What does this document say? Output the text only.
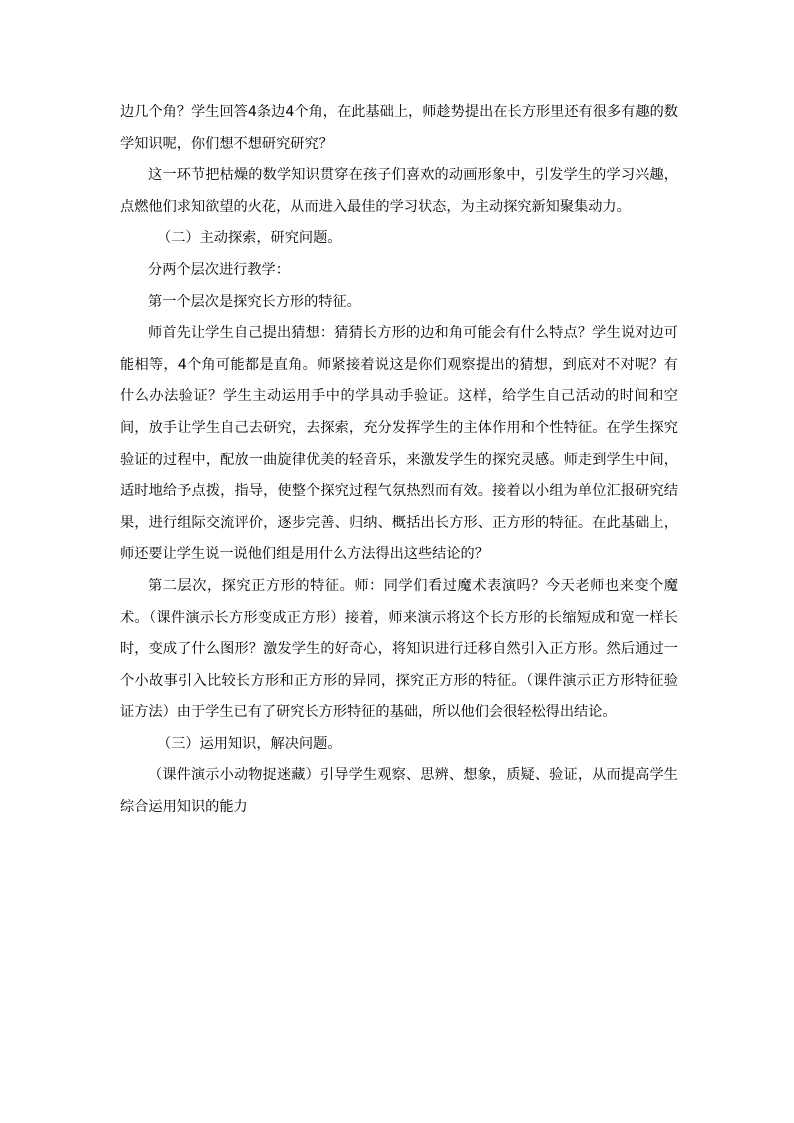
边几个角？学生回答4条边4个角，在此基础上，师趁势提出在长方形里还有很多有趣的数学知识呢，你们想不想研究研究？

这一环节把枯燥的数学知识贯穿在孩子们喜欢的动画形象中，引发学生的学习兴趣，点燃他们求知欲望的火花，从而进入最佳的学习状态，为主动探究新知聚集动力。

（二）主动探索，研究问题。

分两个层次进行教学：

第一个层次是探究长方形的特征。

师首先让学生自己提出猜想：猜猜长方形的边和角可能会有什么特点？学生说对边可能相等，4个角可能都是直角。师紧接着说这是你们观察提出的猜想，到底对不对呢？有什么办法验证？学生主动运用手中的学具动手验证。这样，给学生自己活动的时间和空间，放手让学生自己去研究，去探索，充分发挥学生的主体作用和个性特征。在学生探究验证的过程中，配放一曲旋律优美的轻音乐，来激发学生的探究灵感。师走到学生中间，适时地给予点拨，指导，使整个探究过程气氛热烈而有效。接着以小组为单位汇报研究结果，进行组际交流评价，逐步完善、归纳、概括出长方形、正方形的特征。在此基础上，师还要让学生说一说他们组是用什么方法得出这些结论的？

第二层次，探究正方形的特征。师：同学们看过魔术表演吗？今天老师也来变个魔术。（课件演示长方形变成正方形）接着，师来演示将这个长方形的长缩短成和宽一样长时，变成了什么图形？激发学生的好奇心，将知识进行迁移自然引入正方形。然后通过一个小故事引入比较长方形和正方形的异同，探究正方形的特征。（课件演示正方形特征验证方法）由于学生已有了研究长方形特征的基础，所以他们会很轻松得出结论。

（三）运用知识，解决问题。

（课件演示小动物捉迷藏）引导学生观察、思辨、想象，质疑、验证，从而提高学生综合运用知识的能力
